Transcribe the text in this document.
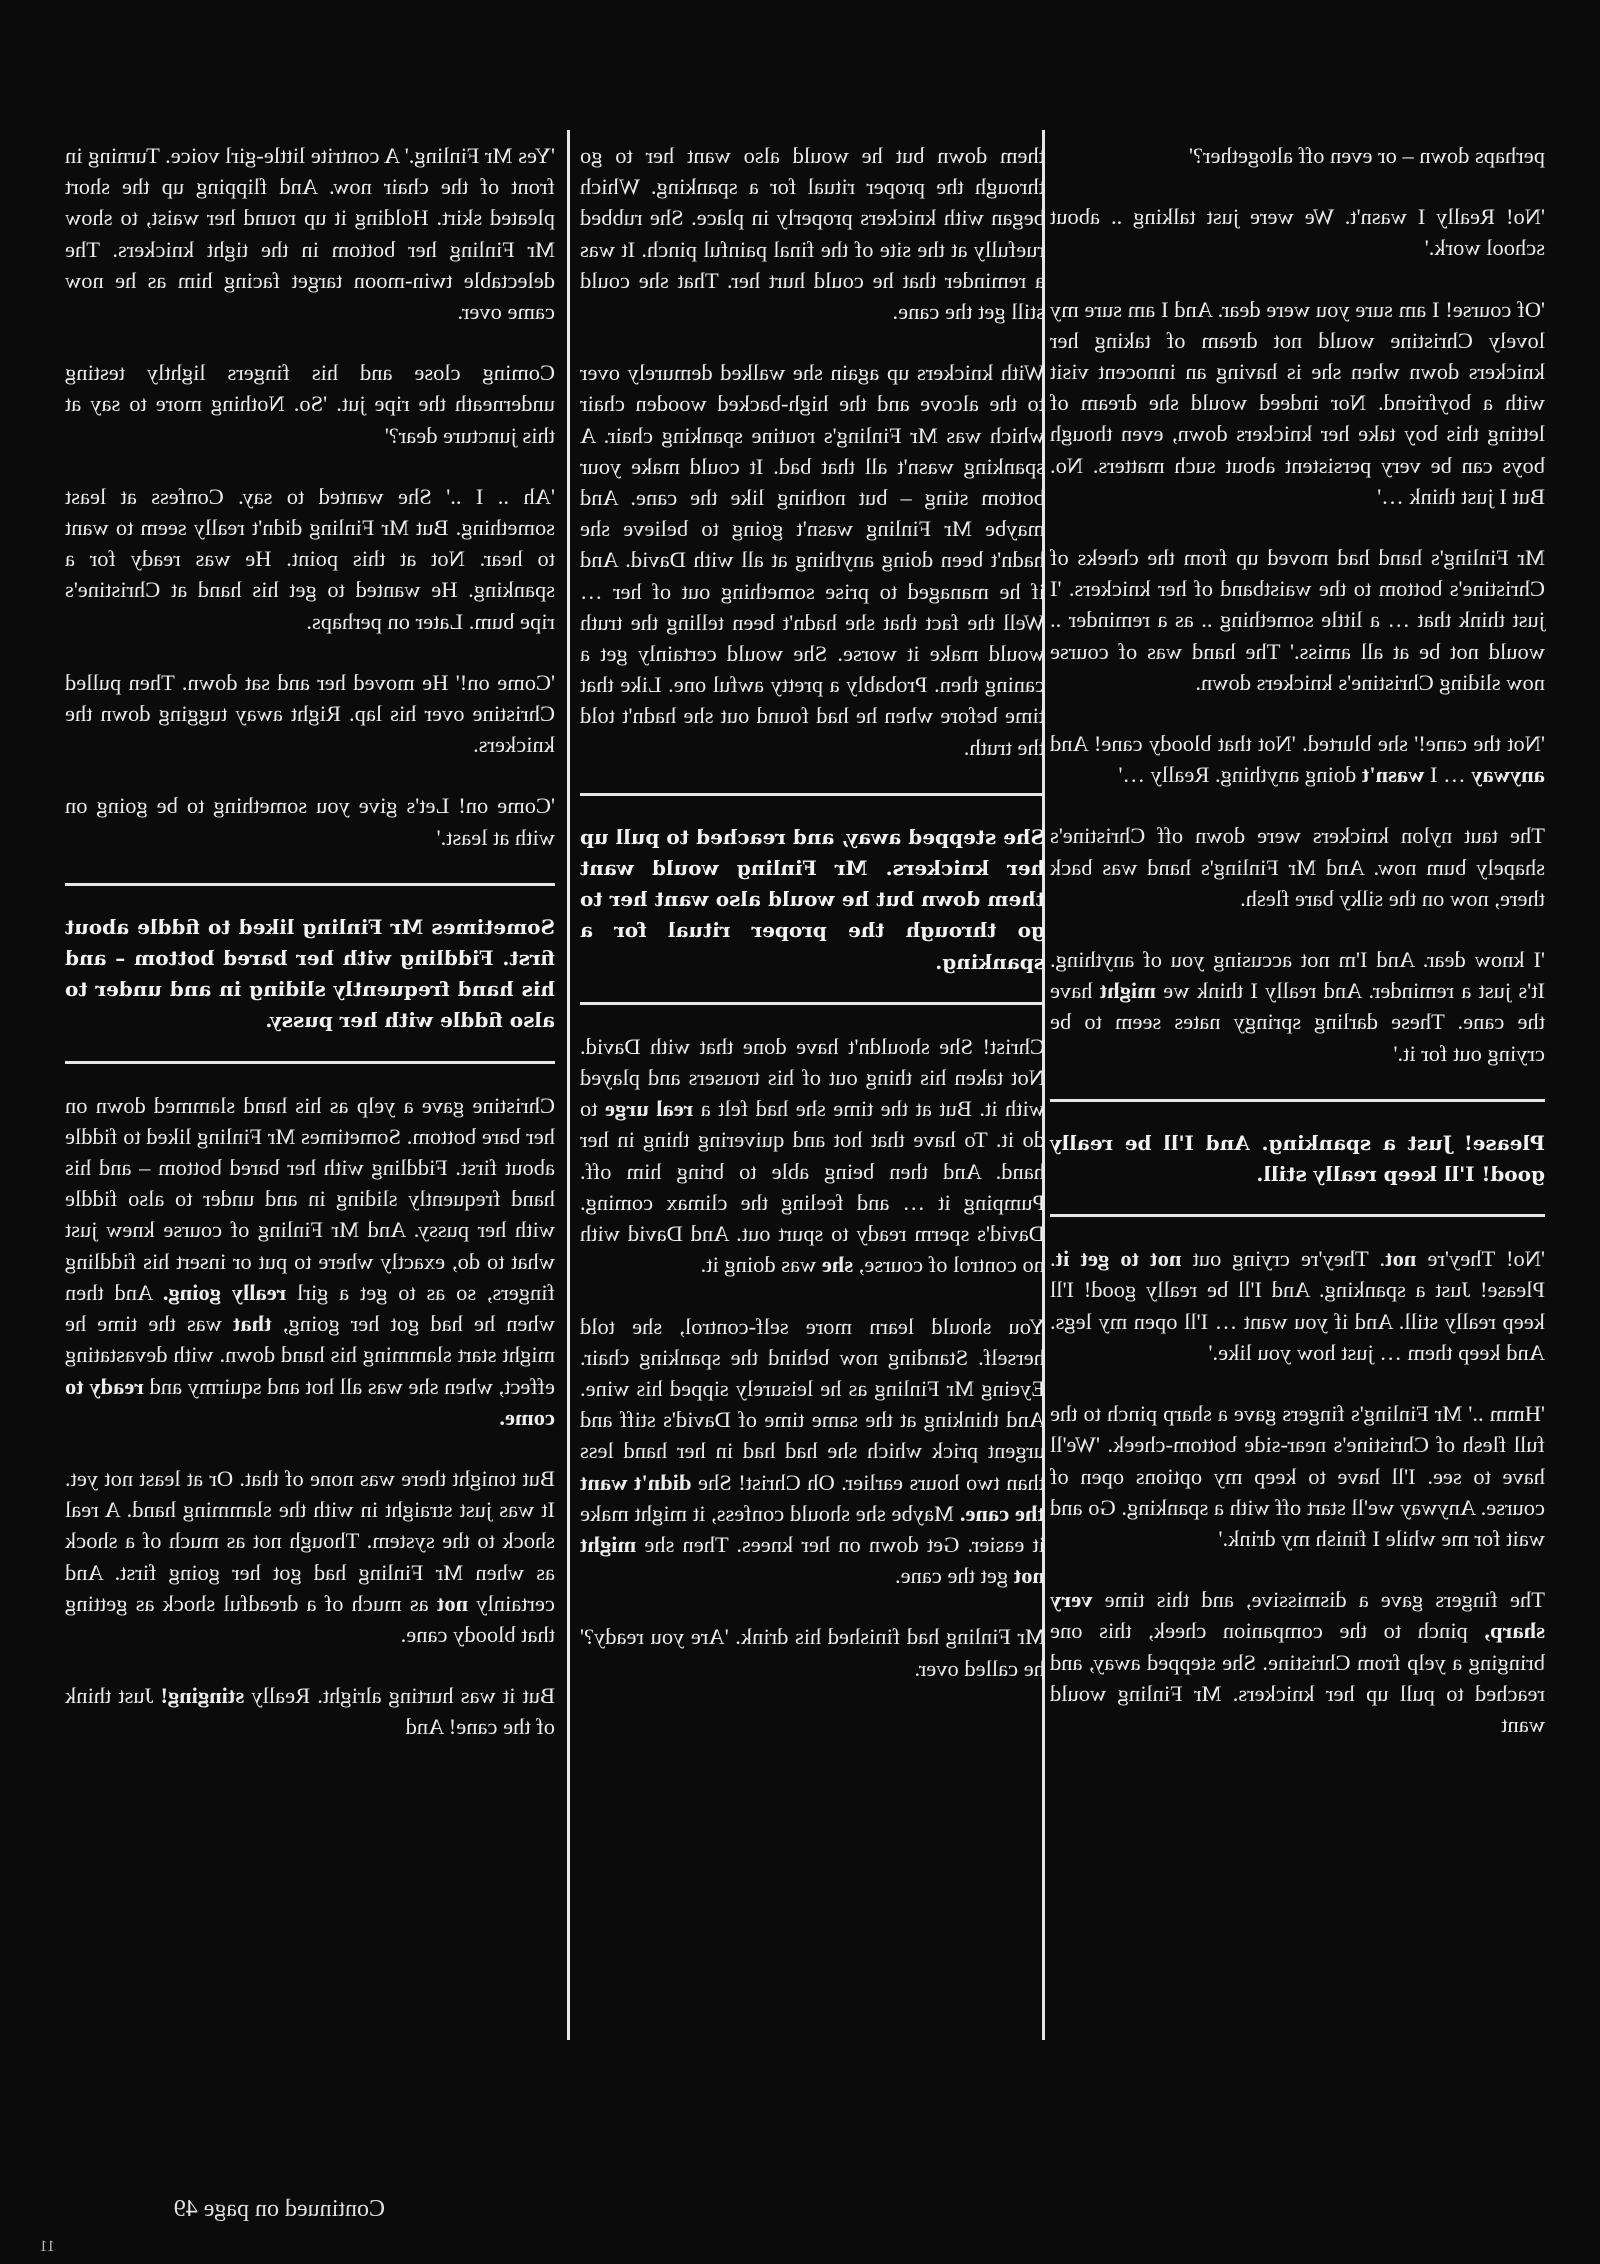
perhaps down – or even off altogether?'

'No! Really I wasn't. We were just talking .. about school work.'

'Of course! I am sure you were dear. And I am sure my lovely Christine would not dream of taking her knickers down when she is having an innocent visit with a boyfriend. Nor indeed would she dream of letting this boy take her knickers down, even though boys can be very persistent about such matters. No. But I just think …'

Mr Finling's hand had moved up from the cheeks of Christine's bottom to the waistband of her knickers. 'I just think that … a little something .. as a reminder .. would not be at all amiss.' The hand was of course now sliding Christine's knickers down.

'Not the cane!' she blurted. 'Not that bloody cane! And anyway … I wasn't doing anything. Really …'

The taut nylon knickers were down off Christine's shapely bum now. And Mr Finling's hand was back there, now on the silky bare flesh.

'I know dear. And I'm not accusing you of anything. It's just a reminder. And really I think we might have the cane. These darling springy nates seem to be crying out for it.'

Please! Just a spanking. And I'll be really good! I'll keep really still.

'No! They're not. They're crying out not to get it. Please! Just a spanking. And I'll be really good! I'll keep really still. And if you want … I'll open my legs. And keep them … just how you like.'

'Hmm ..' Mr Finling's fingers gave a sharp pinch to the full flesh of Christine's near-side bottom-cheek. 'We'll have to see. I'll have to keep my options open of course. Anyway we'll start off with a spanking. Go and wait for me while I finish my drink.'

The fingers gave a dismissive, and this time very sharp, pinch to the companion cheek, this one bringing a yelp from Christine. She stepped away, and reached to pull up her knickers. Mr Finling would want

them down but he would also want her to go through the proper ritual for a spanking. Which began with knickers properly in place. She rubbed ruefully at the site of the final painful pinch. It was a reminder that he could hurt her. That she could still get the cane.

With knickers up again she walked demurely over to the alcove and the high-backed wooden chair which was Mr Finling's routine spanking chair. A spanking wasn't all that bad. It could make your bottom sting – but nothing like the cane. And maybe Mr Finling wasn't going to believe she hadn't been doing anything at all with David. And if he managed to prise something out of her … Well the fact that she hadn't been telling the truth would make it worse. She would certainly get a caning then. Probably a pretty awful one. Like that time before when he had found out she hadn't told the truth.

She stepped away, and reached to pull up her knickers. Mr Finling would want them down but he would also want her to go through the proper ritual for a spanking.

Christ! She shouldn't have done that with David. Not taken his thing out of his trousers and played with it. But at the time she had felt a real urge to do it. To have that hot and quivering thing in her hand. And then being able to bring him off. Pumping it … and feeling the climax coming. David's sperm ready to spurt out. And David with no control of course, she was doing it.

You should learn more self-control, she told herself. Standing now behind the spanking chair. Eyeing Mr Finling as he leisurely sipped his wine. And thinking at the same time of David's stiff and urgent prick which she had had in her hand less than two hours earlier. Oh Christ! She didn't want the cane. Maybe she should confess, it might make it easier. Get down on her knees. Then she might not get the cane.

Mr Finling had finished his drink. 'Are you ready?' he called over.

'Yes Mr Finling.' A contrite little-girl voice. Turning in front of the chair now. And flipping up the short pleated skirt. Holding it up round her waist, to show Mr Finling her bottom in the tight knickers. The delectable twin-moon target facing him as he now came over.

Coming close and his fingers lightly testing underneath the ripe jut. 'So. Nothing more to say at this juncture dear?'

'Ah .. I ..' She wanted to say. Confess at least something. But Mr Finling didn't really seem to want to hear. Not at this point. He was ready for a spanking. He wanted to get his hand at Christine's ripe bum. Later on perhaps.

'Come on!' He moved her and sat down. Then pulled Christine over his lap. Right away tugging down the knickers.

'Come on! Let's give you something to be going on with at least.'

Sometimes Mr Finling liked to fiddle about first. Fiddling with her bared bottom – and his hand frequently sliding in and under to also fiddle with her pussy.

Christine gave a yelp as his hand slammed down on her bare bottom. Sometimes Mr Finling liked to fiddle about first. Fiddling with her bared bottom – and his hand frequently sliding in and under to also fiddle with her pussy. And Mr Finling of course knew just what to do, exactly where to put or insert his fiddling fingers, so as to get a girl really going. And then when he had got her going, that was the time he might start slamming his hand down. with devastating effect, when she was all hot and squirmy and ready to come.

But tonight there was none of that. Or at least not yet. It was just straight in with the slamming hand. A real shock to the system. Though not as much of a shock as when Mr Finling had got her going first. And certainly not as much of a dreadful shock as getting that bloody cane.

But it was hurting alright. Really stinging! Just think of the cane! And

Continued on page 49
11
